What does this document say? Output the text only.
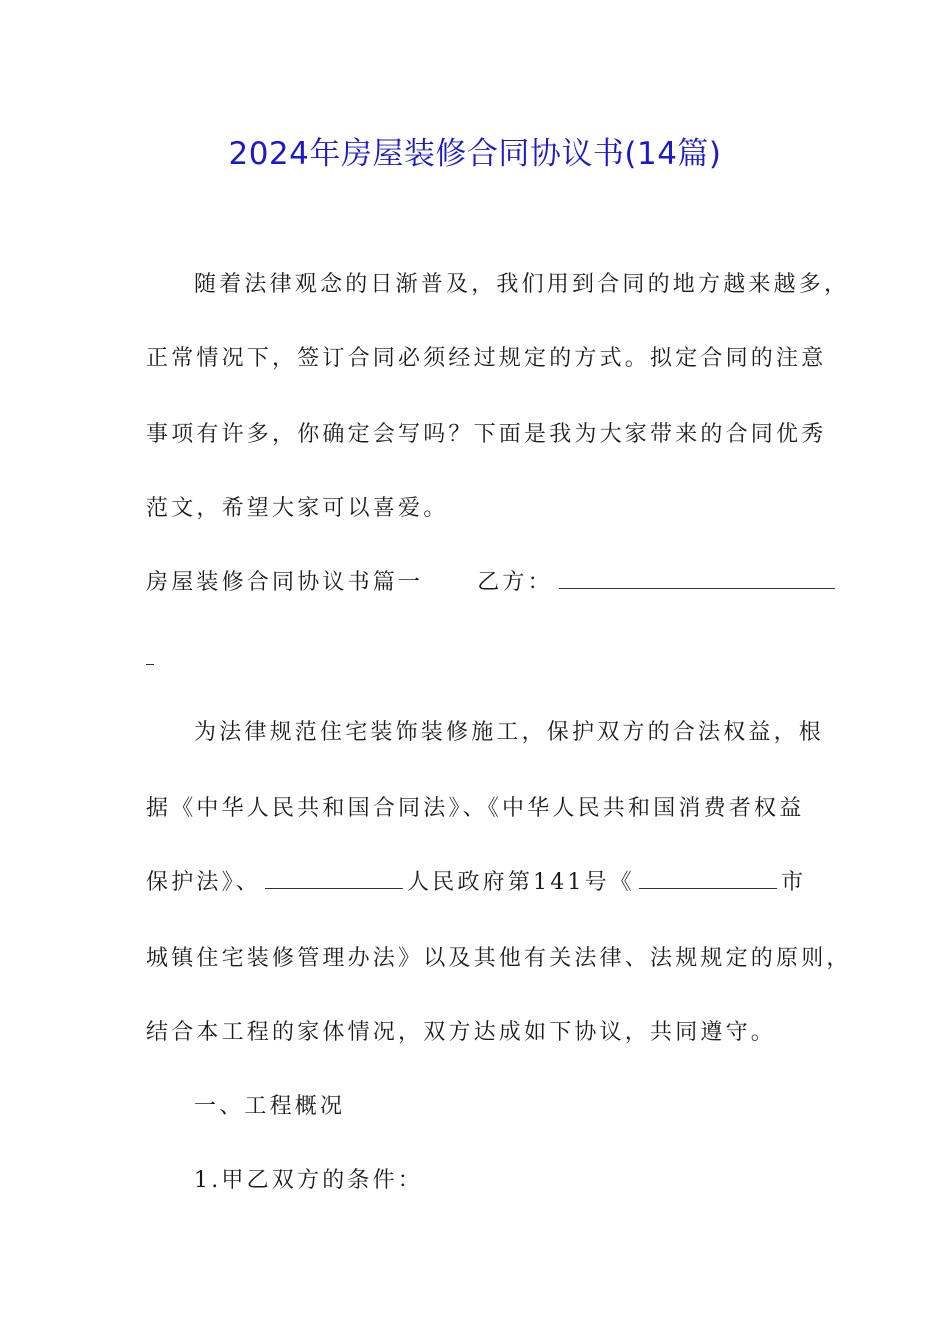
2024年房屋装修合同协议书(14篇)
随着法律观念的日渐普及，我们用到合同的地方越来越多，
正常情况下，签订合同必须经过规定的方式。拟定合同的注意
事项有许多，你确定会写吗？下面是我为大家带来的合同优秀
范文，希望大家可以喜爱。
房屋装修合同协议书篇一 乙方：
为法律规范住宅装饰装修施工，保护双方的合法权益，根
据《中华人民共和国合同法》、《中华人民共和国消费者权益
保护法》、	人民政府第141号《	市
城镇住宅装修管理办法》以及其他有关法律、法规规定的原则，
结合本工程的家体情况，双方达成如下协议，共同遵守。
一、工程概况
1.甲乙双方的条件：
